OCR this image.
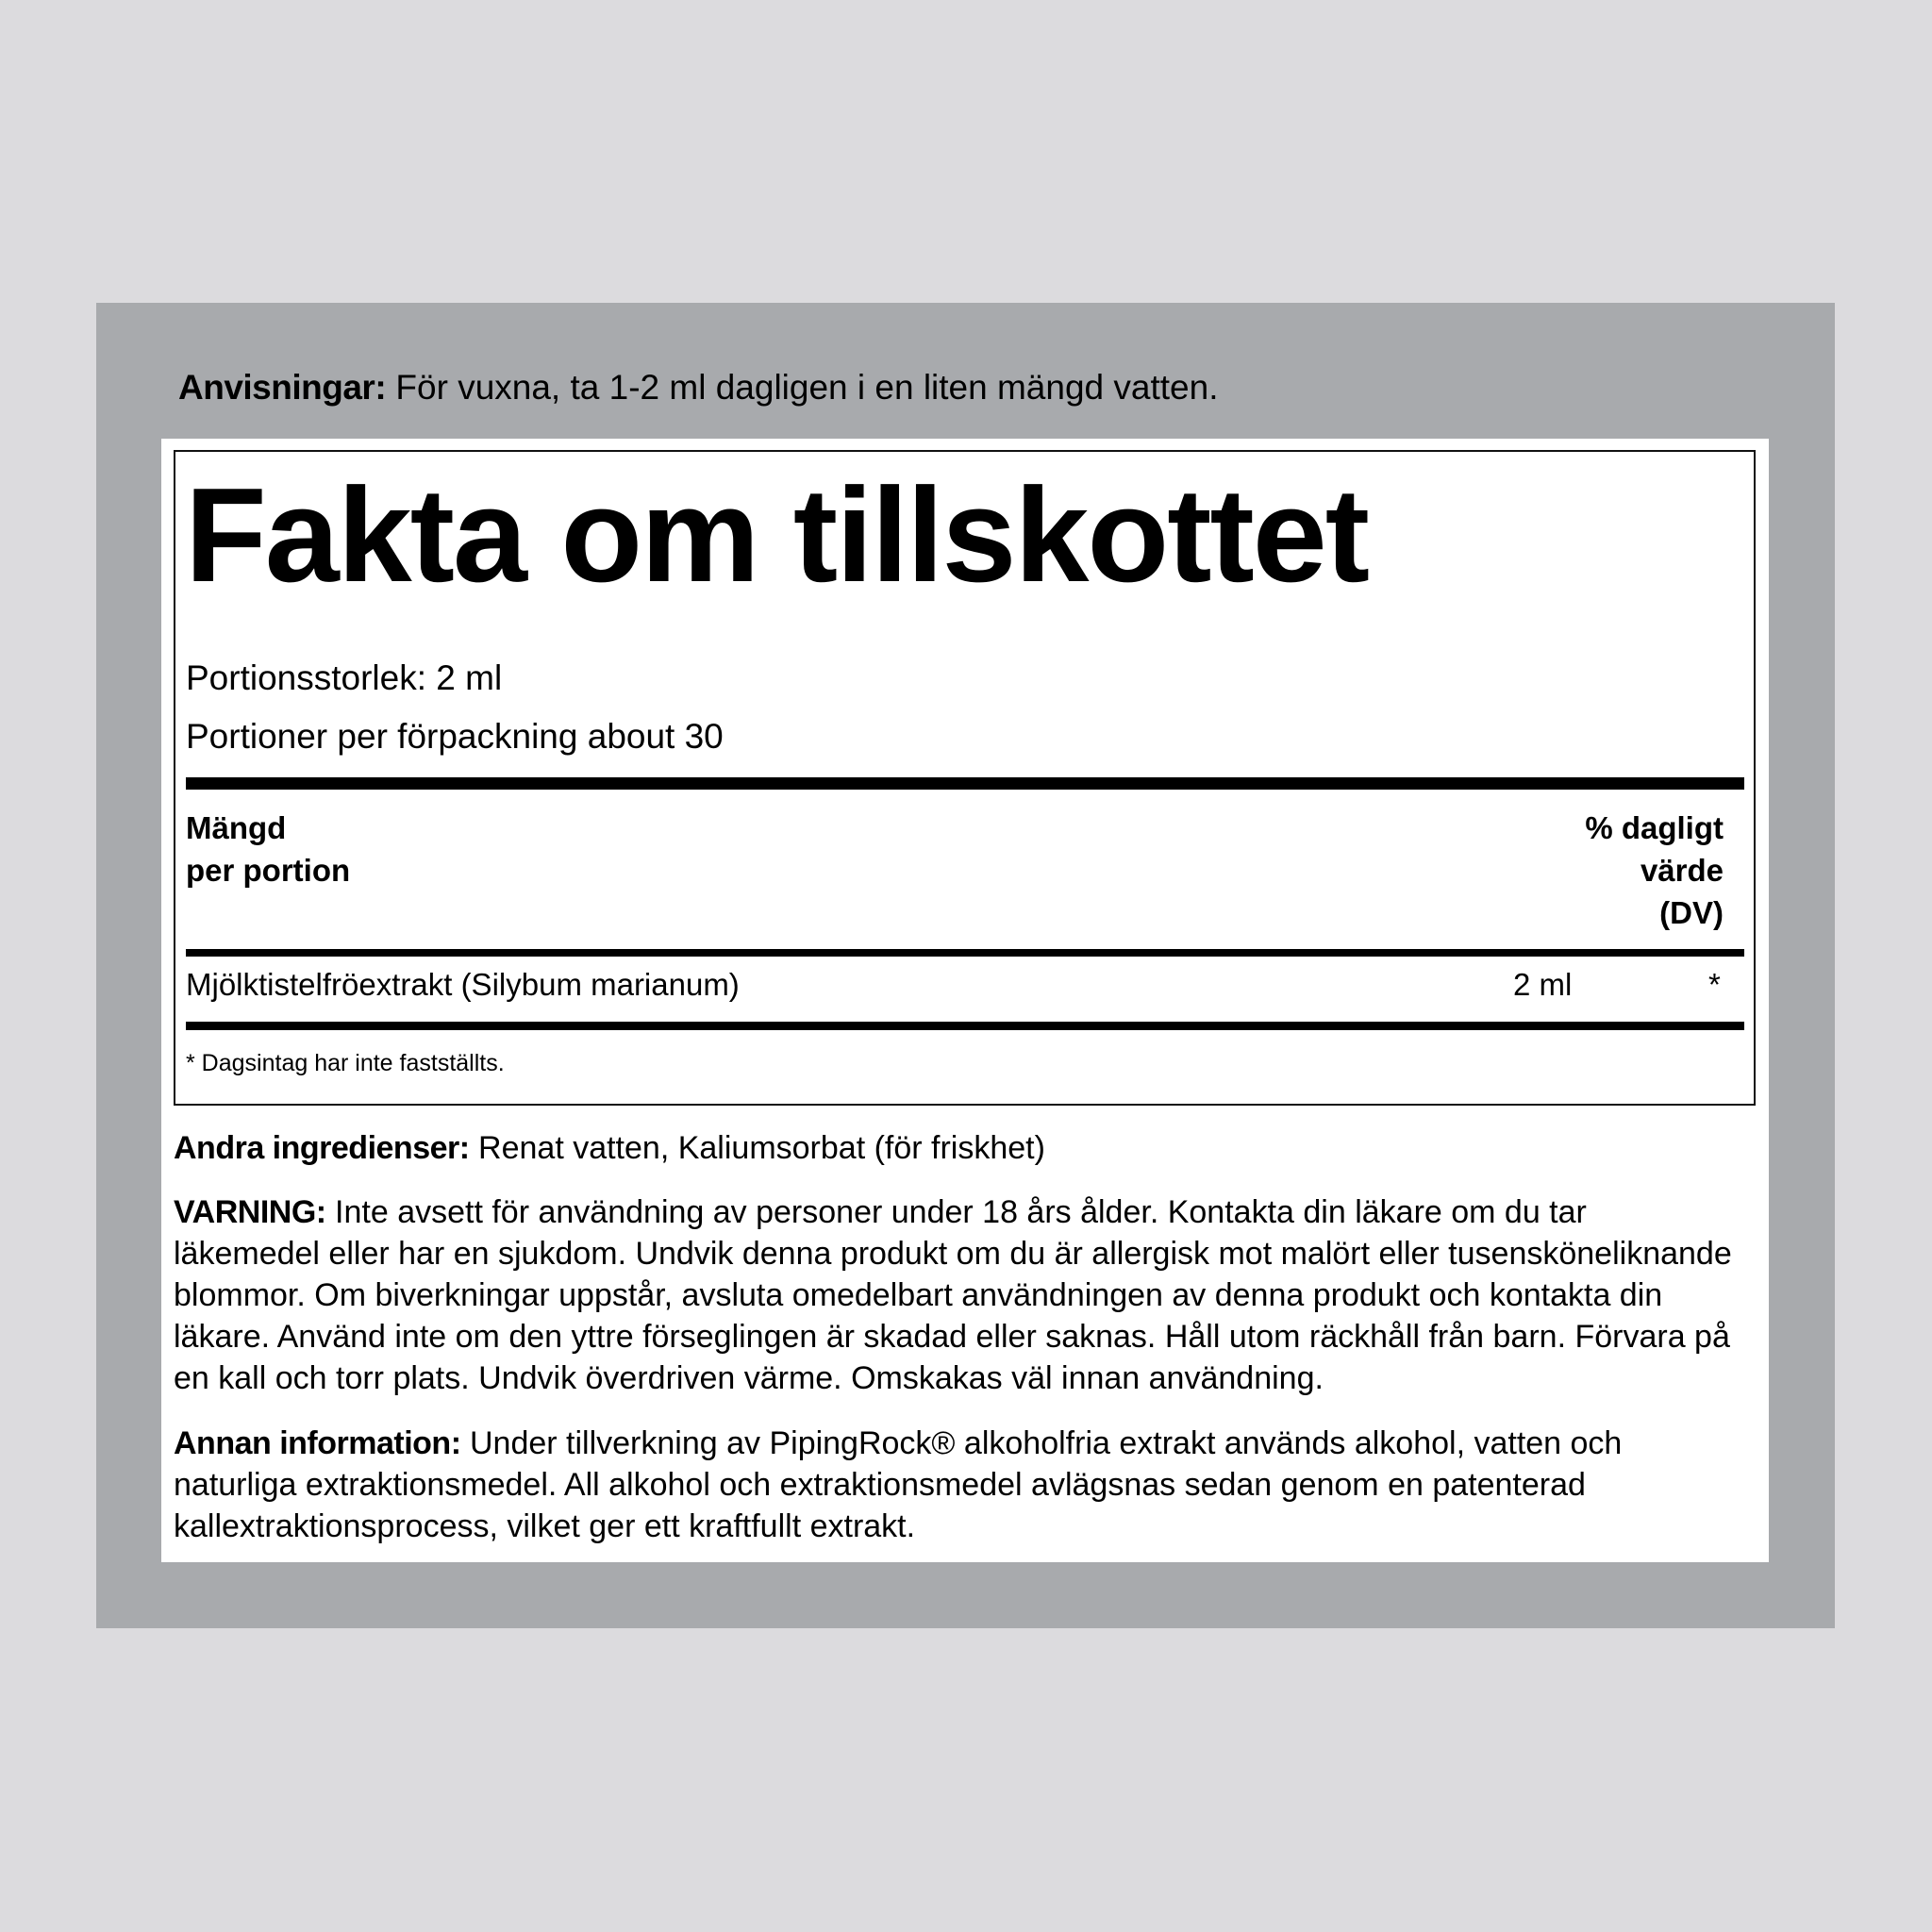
Anvisningar: För vuxna, ta 1-2 ml dagligen i en liten mängd vatten.
Fakta om tillskottet
Portionsstorlek: 2 ml
Portioner per förpackning about 30
Mängd
per portion
% dagligt
värde
(DV)
Mjölktistelfröextrakt (Silybum marianum)	2 ml	*
* Dagsintag har inte fastställts.
Andra ingredienser: Renat vatten, Kaliumsorbat (för friskhet)
VARNING: Inte avsett för användning av personer under 18 års ålder. Kontakta din läkare om du tar läkemedel eller har en sjukdom. Undvik denna produkt om du är allergisk mot malört eller tusensköneliknande blommor. Om biverkningar uppstår, avsluta omedelbart användningen av denna produkt och kontakta din läkare. Använd inte om den yttre förseglingen är skadad eller saknas. Håll utom räckhåll från barn. Förvara på en kall och torr plats. Undvik överdriven värme. Omskakas väl innan användning.
Annan information: Under tillverkning av PipingRock® alkoholfria extrakt används alkohol, vatten och naturliga extraktionsmedel. All alkohol och extraktionsmedel avlägsnas sedan genom en patenterad kallextraktionsprocess, vilket ger ett kraftfullt extrakt.
